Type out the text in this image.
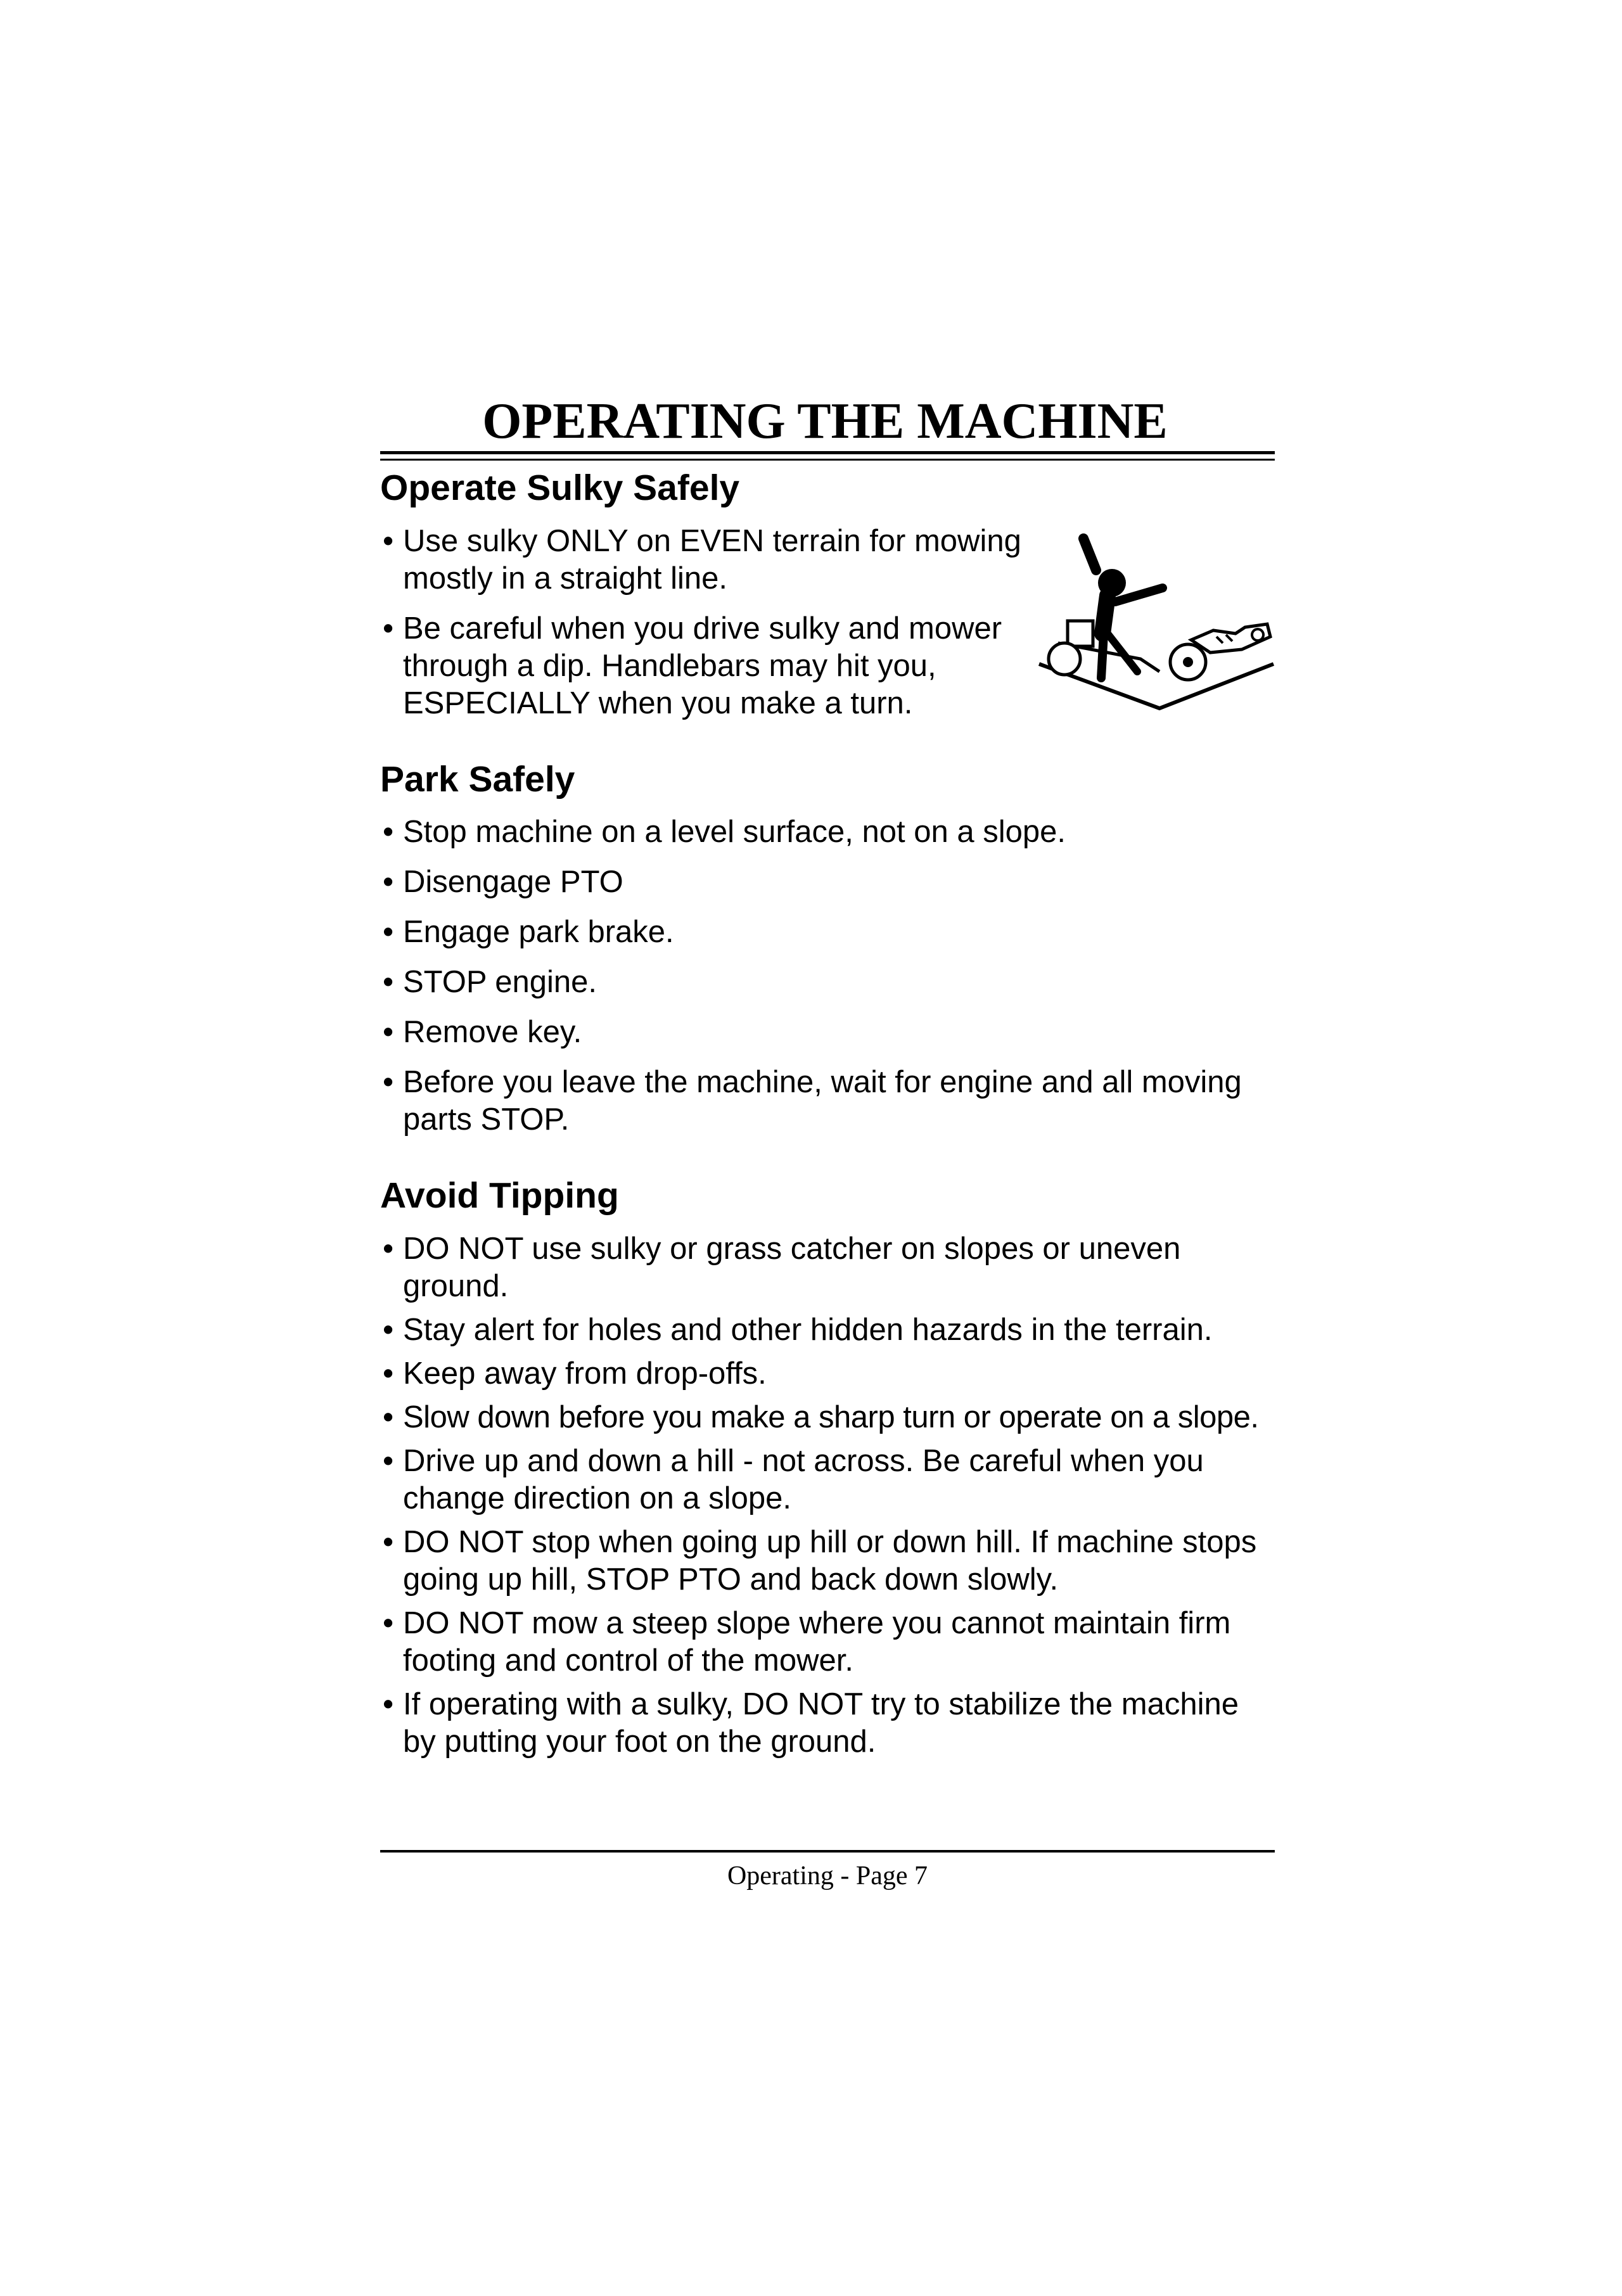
OPERATING THE MACHINE
Operate Sulky Safely
• Use sulky ONLY on EVEN terrain for mowing mostly in a straight line.
• Be careful when you drive sulky and mower through a dip. Handlebars may hit you, ESPECIALLY when you make a turn.
Park Safely
• Stop machine on a level surface, not on a slope.
• Disengage PTO
• Engage park brake.
• STOP engine.
• Remove key.
• Before you leave the machine, wait for engine and all moving parts STOP.
Avoid Tipping
• DO NOT use sulky or grass catcher on slopes or uneven ground.
• Stay alert for holes and other hidden hazards in the terrain.
• Keep away from drop-offs.
• Slow down before you make a sharp turn or operate on a slope.
• Drive up and down a hill - not across. Be careful when you change direction on a slope.
• DO NOT stop when going up hill or down hill. If machine stops going up hill, STOP PTO and back down slowly.
• DO NOT mow a steep slope where you cannot maintain firm footing and control of the mower.
• If operating with a sulky, DO NOT try to stabilize the machine by putting your foot on the ground.
Operating - Page 7
